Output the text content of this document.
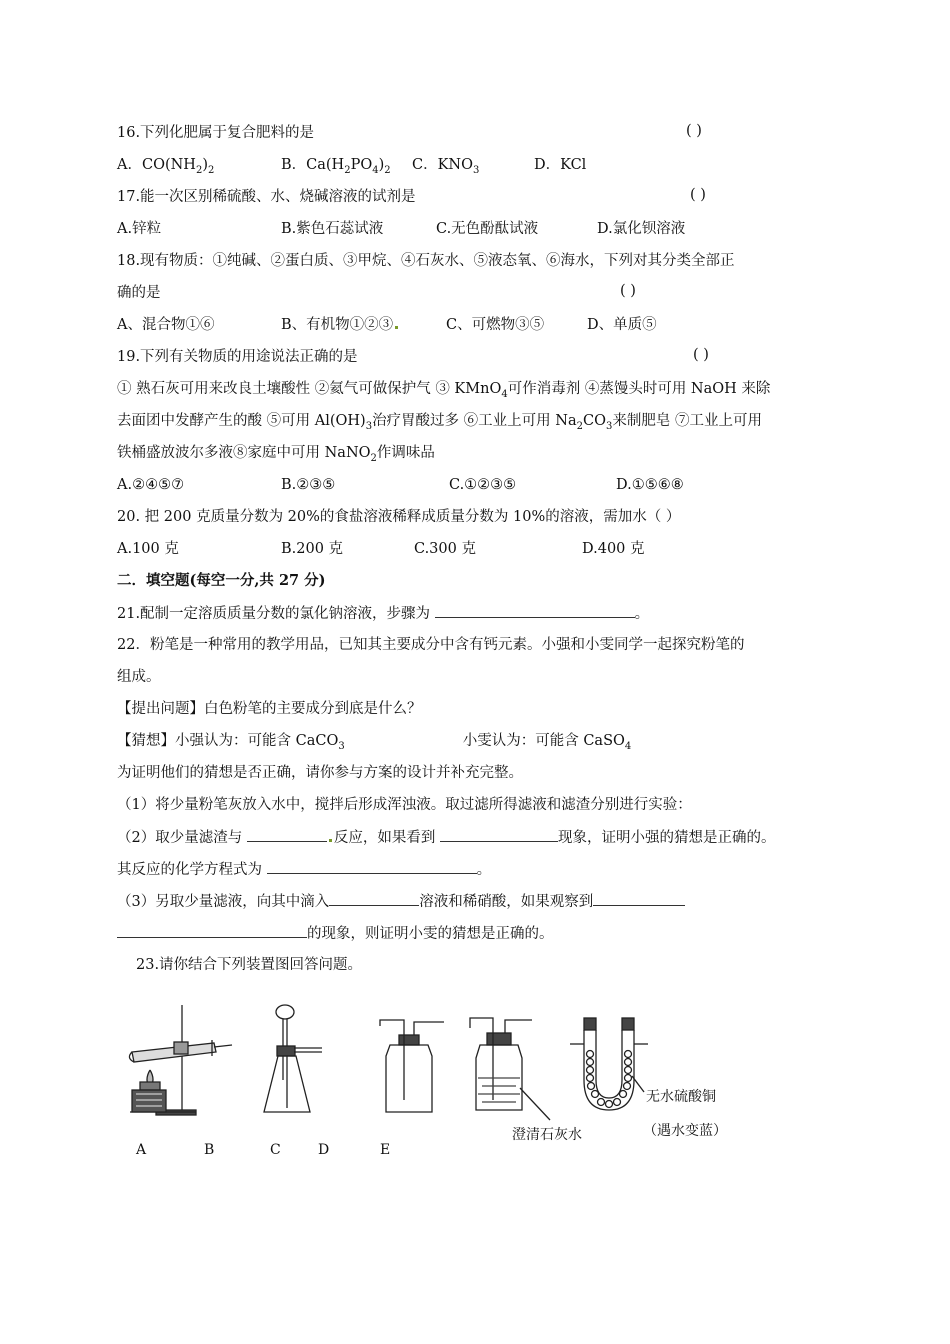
16.下列化肥属于复合肥料的是	( )
A．$CO(NH_2)_2$	B．$Ca(H_2PO_4)_2$ C．$KNO_3$	D．KCl
17.能一次区别稀硫酸、水、烧碱溶液的试剂是	( )
A.锌粒	B.紫色石蕊试液	C.无色酚酞试液	D.氯化钡溶液
18.现有物质：①纯碱、②蛋白质、③甲烷、④石灰水、⑤液态氧、⑥海水，下列对其分类全部正
确的是	( )
A、混合物①⑥	B、有机物①②③	C、可燃物③⑤	D、单质⑤
19.下列有关物质的用途说法正确的是	( )
① 熟石灰可用来改良土壤酸性 ②氦气可做保护气 ③ KMnO$_4$可作消毒剂 ④蒸馒头时可用 NaOH 来除
去面团中发酵产生的酸 ⑤可用 $Al(OH)_3$治疗胃酸过多 ⑥工业上可用 $Na_2CO_3$来制肥皂 ⑦工业上可用
铁桶盛放波尔多液⑧家庭中可用 NaNO$_2$作调味品
A.②④⑤⑦	B.②③⑤	C.①②③⑤	D.①⑤⑥⑧
20. 把 200 克质量分数为 20%的食盐溶液稀释成质量分数为 10%的溶液，需加水（ ）
A.100 克	B.200 克	C.300 克	D.400 克
二．填空题(每空一分,共 27 分)
21.配制一定溶质质量分数的氯化钠溶液，步骤为	。
22．粉笔是一种常用的教学用品，已知其主要成分中含有钙元素。小强和小雯同学一起探究粉笔的
组成。
【提出问题】白色粉笔的主要成分到底是什么？
【猜想】小强认为：可能含 CaCO$_3$	小雯认为：可能含 CaSO$_4$
为证明他们的猜想是否正确，请你参与方案的设计并补充完整。
（1）将少量粉笔灰放入水中，搅拌后形成浑浊液。取过滤所得滤液和滤渣分别进行实验：
（2）取少量滤渣与	反应，如果看到	现象，证明小强的猜想是正确的。
其反应的化学方程式为	。
（3）另取少量滤液，向其中滴入	溶液和稀硝酸，如果观察到
的现象，则证明小雯的猜想是正确的。
23.请你结合下列装置图回答问题。
澄清石灰水
无水硫酸铜
（遇水变蓝）
A	B	C	D	E
